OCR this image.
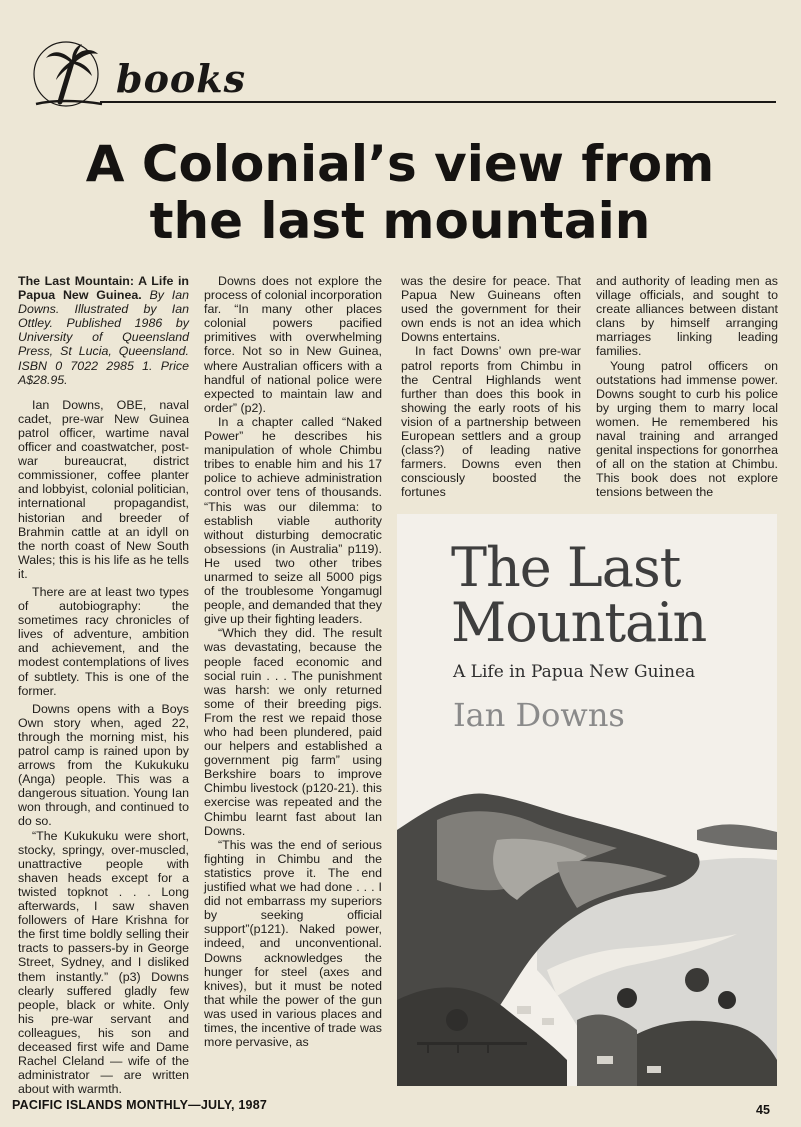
books
A Colonial’s view from
the last mountain

The Last Mountain: A Life in Papua New Guinea. By Ian Downs. Illustrated by Ian Ottley. Published 1986 by University of Queensland Press, St Lucia, Queensland. ISBN 0 7022 2985 1. Price A$28.95.

Ian Downs, OBE, naval cadet, pre-war New Guinea patrol officer, wartime naval officer and coastwatcher, post-war bureaucrat, district commissioner, coffee planter and lobbyist, colonial politician, international propagandist, historian and breeder of Brahmin cattle at an idyll on the north coast of New South Wales; this is his life as he tells it.

There are at least two types of autobiography: the sometimes racy chronicles of lives of adventure, ambition and achievement, and the modest contemplations of lives of subtlety. This is one of the former.

Downs opens with a Boys Own story when, aged 22, through the morning mist, his patrol camp is rained upon by arrows from the Kukukuku (Anga) people. This was a dangerous situation. Young Ian won through, and continued to do so.

“The Kukukuku were short, stocky, springy, over-muscled, unattractive people with shaven heads except for a twisted topknot . . . Long afterwards, I saw shaven followers of Hare Krishna for the first time boldly selling their tracts to passers-by in George Street, Sydney, and I disliked them instantly.” (p3) Downs clearly suffered gladly few people, black or white. Only his pre-war servant and colleagues, his son and deceased first wife and Dame Rachel Cleland — wife of the administrator — are written about with warmth.

Downs does not explore the process of colonial incorporation far. “In many other places colonial powers pacified primitives with overwhelming force. Not so in New Guinea, where Australian officers with a handful of national police were expected to maintain law and order” (p2).

In a chapter called “Naked Power” he describes his manipulation of whole Chimbu tribes to enable him and his 17 police to achieve administration control over tens of thousands. “This was our dilemma: to establish viable authority without disturbing democratic obsessions (in Australia” p119). He used two other tribes unarmed to seize all 5000 pigs of the troublesome Yongamugl people, and demanded that they give up their fighting leaders.

“Which they did. The result was devastating, because the people faced economic and social ruin . . . The punishment was harsh: we only returned some of their breeding pigs. From the rest we repaid those who had been plundered, paid our helpers and established a government pig farm” using Berkshire boars to improve Chimbu livestock (p120-21). this exercise was repeated and the Chimbu learnt fast about Ian Downs.

“This was the end of serious fighting in Chimbu and the statistics prove it. The end justified what we had done . . . I did not embarrass my superiors by seeking official support”(p121). Naked power, indeed, and unconventional. Downs acknowledges the hunger for steel (axes and knives), but it must be noted that while the power of the gun was used in various places and times, the incentive of trade was more pervasive, as

was the desire for peace. That Papua New Guineans often used the government for their own ends is not an idea which Downs entertains.

In fact Downs’ own pre-war patrol reports from Chimbu in the Central Highlands went further than does this book in showing the early roots of his vision of a partnership between European settlers and a group (class?) of leading native farmers. Downs even then consciously boosted the fortunes

and authority of leading men as village officials, and sought to create alliances between distant clans by himself arranging marriages linking leading families.

Young patrol officers on outstations had immense power. Downs sought to curb his police by urging them to marry local women. He remembered his naval training and arranged genital inspections for gonorrhea of all on the station at Chimbu. This book does not explore tensions between the

The Last
Mountain
A Life in Papua New Guinea
Ian Downs
PACIFIC ISLANDS MONTHLY—JULY, 1987	45
